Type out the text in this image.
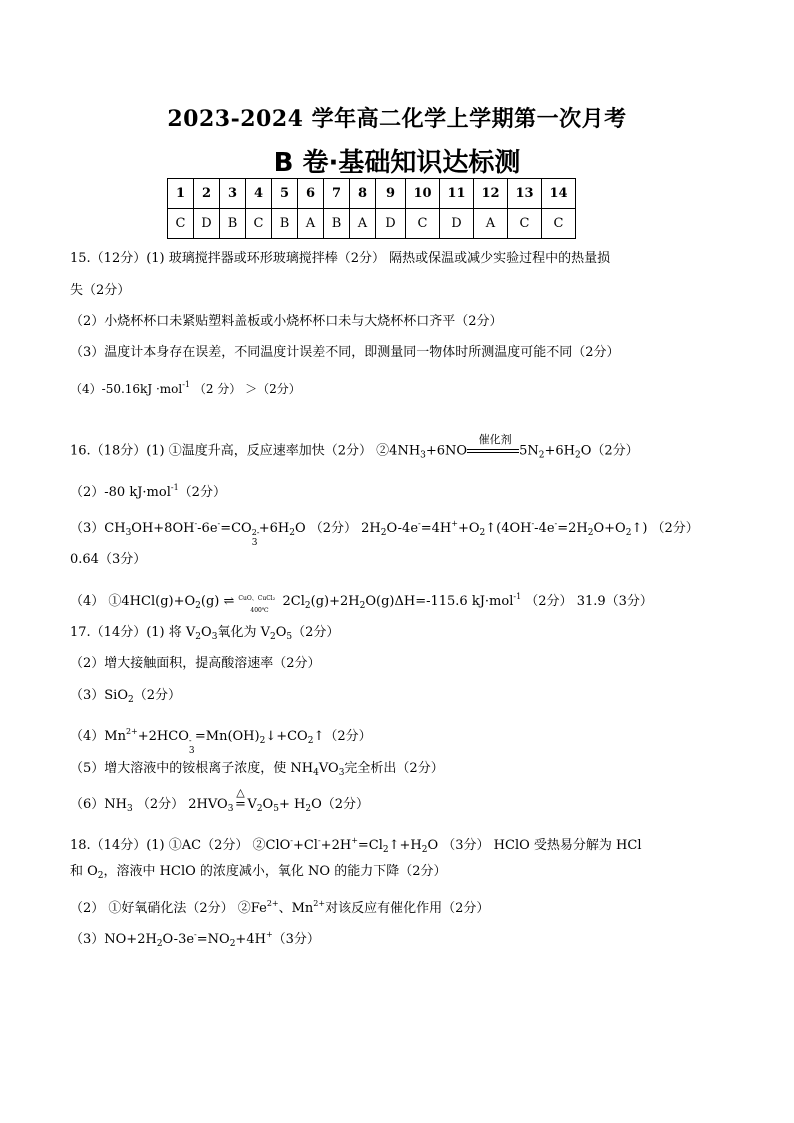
2023-2024 学年高二化学上学期第一次月考
B 卷·基础知识达标测
1	2	3	4	5	6	7	8	9	10	11	12	13	14
C	D	B	C	B	A	B	A	D	C	D	A	C	C
15.（12分）(1) 玻璃搅拌器或环形玻璃搅拌棒（2分） 隔热或保温或减少实验过程中的热量损
失（2分）
（2）小烧杯杯口未紧贴塑料盖板或小烧杯杯口未与大烧杯杯口齐平（2分）
（3）温度计本身存在误差，不同温度计误差不同，即测量同一物体时所测温度可能不同（2分）
（4）-50.16kJ ·mol$^{-1}$ （2 分） ＞（2分）
16.（18分）(1) ①温度升高，反应速率加快（2分） $②4NH_3+6NO$
催化剂
$5N_2+6H_2O(2$分）
（2）-80 kJ·mol$^{-1}$（2分）
$(3)CH_3OH+8OH^--6e^-=CO$ 2-
3
$+6H_2O$ （2分） $2H_2O-4e^-=4H^++O_2↑(4OH^--4e^-=2H_2O+O_2↑)$ （2分）
0.64（3分）
（4） $①4HCl(g)+O_2(g)$ ⇌ CuO、CuCl₂
400℃
$2Cl_2(g)+2H_2O(g)\Delta H=-115.6$ kJ·mol$^{-1}$ （2分） 31.9（3分）
17.（14分）(1) 将 $V_2O_3$氧化为 $V_2O_5(2$分）
（2）增大接触面积，提高酸溶速率（2分）
（3）SiO$_2$（2分）
$(4)Mn^{2+}+2HCO$ -
3
$=Mn(OH)_2↓+CO_2↑(2$分）
（5）增大溶液中的铵根离子浓度，使 $NH_4VO_3$完全析出（2分）
$(6)NH_3$ （2分） $2HVO_3$
△
= $V_2O_5+ H_2O(2$分）
18.（14分）(1) ①AC（2分） $②ClO^-+Cl^-+2H^+=Cl_2↑+H_2O$ （3分） HClO 受热易分解为 HCl
和 $O_2$，溶液中 HClO 的浓度减小，氧化 NO 的能力下降（2分）
（2） ①好氧硝化法（2分） $②Fe^{2+}$、$Mn^{2+}$对该反应有催化作用（2分）
$(3)NO+2H_2O-3e^-=NO_2+4H^+(3$分）
